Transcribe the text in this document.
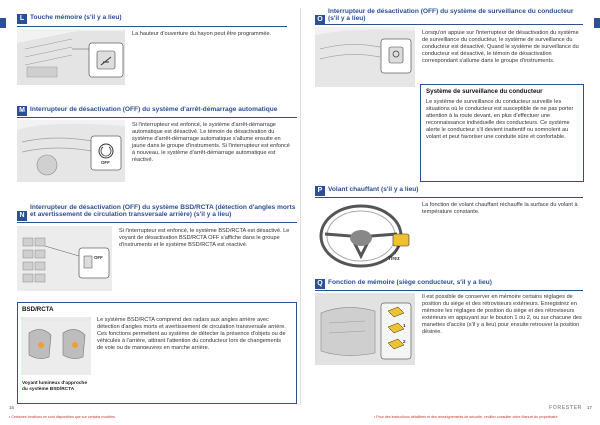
L Touche mémoire (s'il y a lieu)
La hauteur d'ouverture du hayon peut être programmée.
M Interrupteur de désactivation (OFF) du système d'arrêt-démarrage automatique
OFF
Si l'interrupteur est enfoncé, le système d'arrêt-démarrage automatique est désactivé. Le témoin de désactivation du système d'arrêt-démarrage automatique s'allume ensuite en jaune dans le groupe d'instruments. Si l'interrupteur est enfoncé à nouveau, le système d'arrêt-démarrage automatique est réactivé.
N
Interrupteur de désactivation (OFF) du système BSD/RCTA (détection d'angles morts et avertissement de circulation transversale arrière) (s'il y a lieu)
OFF
Si l'interrupteur est enfoncé, le système BSD/RCTA est désactivé. Le voyant de désactivation BSD/RCTA OFF s'affiche dans le groupe d'instruments et le système BSD/RCTA est réactivé.
BSD/RCTA
Le système BSD/RCTA comprend des radars aux angles arrière avec détection d'angles morts et avertissement de circulation transversale arrière. Ces fonctions permettent au système de détecter la présence d'objets ou de véhicules à l'arrière, attirant l'attention du conducteur lors de changements de voie ou de manœuvres en marche arrière.
Voyant lumineux d'approche du système BSD/RCTA
16
• Certaines fonctions ne sont disponibles que sur certains modèles.
O
Interrupteur de désactivation (OFF) du système de surveillance du conducteur (s'il y a lieu)
Lorsqu'on appuie sur l'interrupteur de désactivation du système de surveillance du conducteur, le système de surveillance du conducteur est désactivé. Quand le système de surveillance du conducteur est désactivé, le témoin de désactivation correspondant s'allume dans le groupe d'instruments.
Système de surveillance du conducteur
Le système de surveillance du conducteur surveille les situations où le conducteur est susceptible de ne pas porter attention à la route devant, en plus d'effectuer une reconnaissance individuelle des conducteurs. Ce système alerte le conducteur s'il devient inattentif ou somnolent au volant et peut favoriser une conduite sûre et confortable.
P Volant chauffant (s'il y a lieu)
Tirez
La fonction de volant chauffant réchauffe la surface du volant à température constante.
Q Fonction de mémoire (siège conducteur, s'il y a lieu)
1
2
Il est possible de conserver en mémoire certains réglages de position du siège et des rétroviseurs extérieurs. Enregistrez en mémoire les réglages de position du siège et des rétroviseurs extérieurs en appuyant sur le bouton 1 ou 2, ou sur chacune des manettes d'accès (s'il y a lieu) pour ensuite retrouver la position désirée.
FORESTER 17
• Pour des instructions détaillées et des renseignements de sécurité, veuillez consulter votre Manuel du propriétaire.
